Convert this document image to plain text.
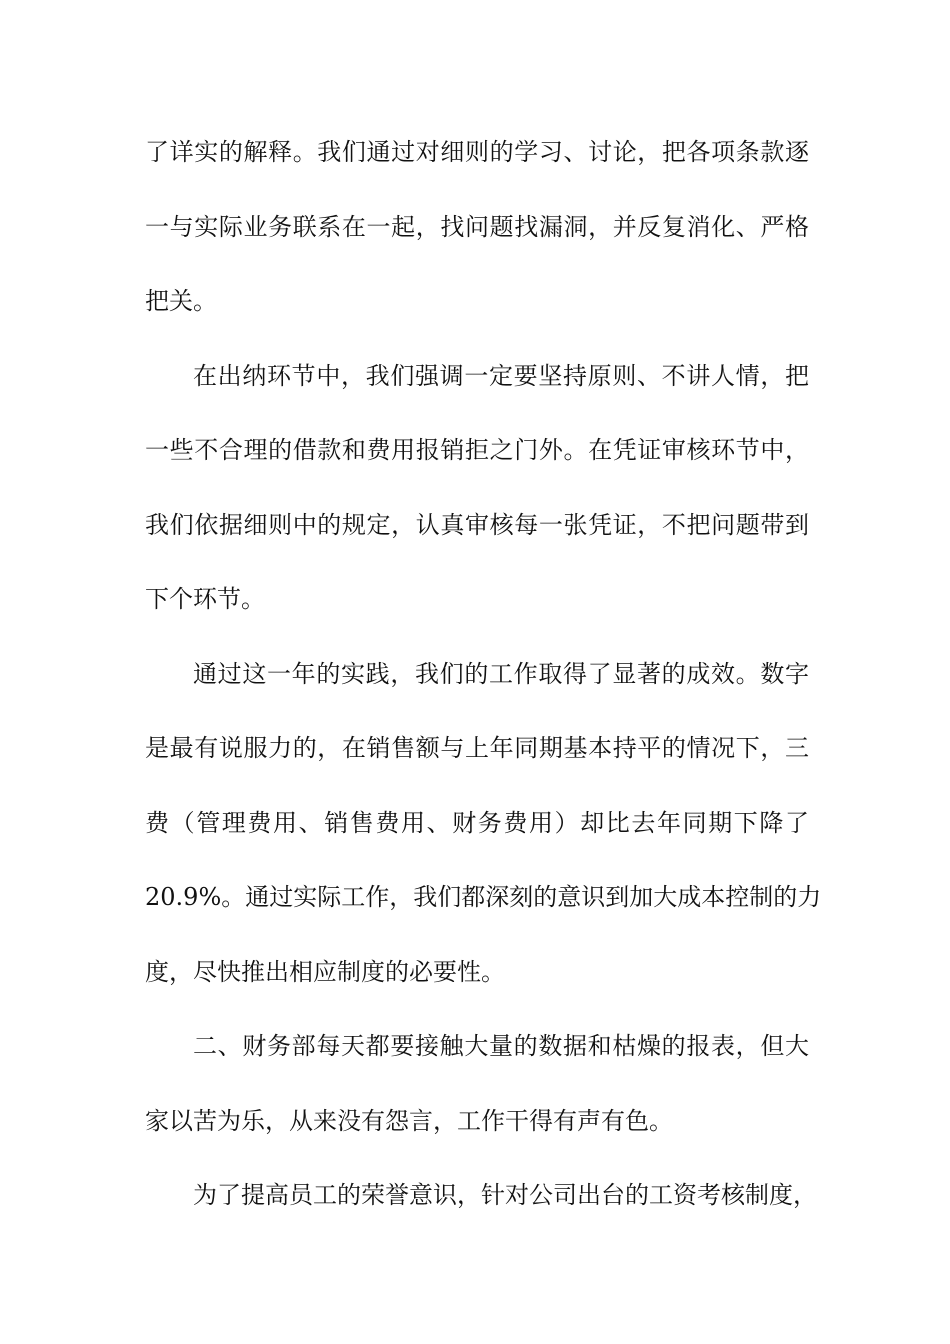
了详实的解释。我们通过对细则的学习、讨论，把各项条款逐
一与实际业务联系在一起，找问题找漏洞，并反复消化、严格
把关。
在出纳环节中，我们强调一定要坚持原则、不讲人情，把
一些不合理的借款和费用报销拒之门外。在凭证审核环节中，
我们依据细则中的规定，认真审核每一张凭证，不把问题带到
下个环节。
通过这一年的实践，我们的工作取得了显著的成效。数字
是最有说服力的，在销售额与上年同期基本持平的情况下，三
费（管理费用、销售费用、财务费用）却比去年同期下降了
20.9%。通过实际工作，我们都深刻的意识到加大成本控制的力
度，尽快推出相应制度的必要性。
二、财务部每天都要接触大量的数据和枯燥的报表，但大
家以苦为乐，从来没有怨言，工作干得有声有色。
为了提高员工的荣誉意识，针对公司出台的工资考核制度，
